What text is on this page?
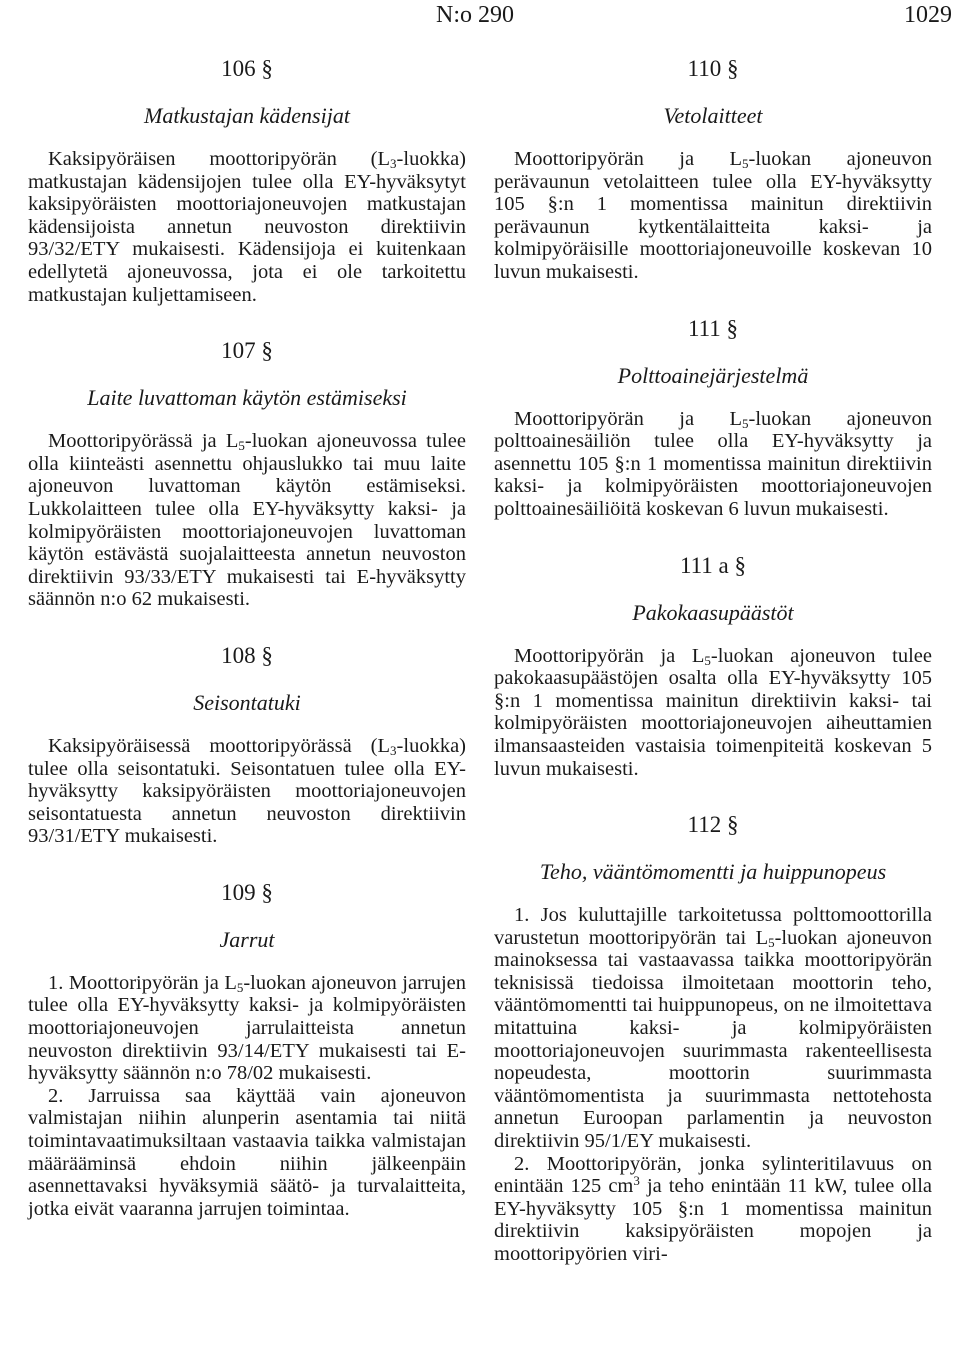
N:o 290	1029
106 §
Matkustajan kädensijat

Kaksipyöräisen moottoripyörän $(L_3-luokka)$ matkustajan kädensijojen tulee olla EY-hyväksytyt kaksipyöräisten moottoriajoneuvojen matkustajan kädensijoista annetun neuvoston direktiivin 93/32/ETY mukaisesti. Kädensijoja ei kuitenkaan edellytetä ajoneuvossa, jota ei ole tarkoitettu matkustajan kuljettamiseen.

107 §
Laite luvattoman käytön estämiseksi

Moottoripyörässä ja $L_5$-luokan ajoneuvossa tulee olla kiinteästi asennettu ohjauslukko tai muu laite ajoneuvon luvattoman käytön estämiseksi. Lukkolaitteen tulee olla EY-hyväksytty kaksi- ja kolmipyöräisten moottoriajoneuvojen luvattoman käytön estävästä suojalaitteesta annetun neuvoston direktiivin 93/33/ETY mukaisesti tai E-hyväksytty säännön n:o 62 mukaisesti.

108 §
Seisontatuki

Kaksipyöräisessä moottoripyörässä $(L_3-luokka)$ tulee olla seisontatuki. Seisontatuen tulee olla EY-hyväksytty kaksipyöräisten moottoriajoneuvojen seisontatuesta annetun neuvoston direktiivin 93/31/ETY mukaisesti.

109 §
Jarrut

1. Moottoripyörän ja $L_5$-luokan ajoneuvon jarrujen tulee olla EY-hyväksytty kaksi- ja kolmipyöräisten moottoriajoneuvojen jarrulaitteista annetun neuvoston direktiivin 93/14/ETY mukaisesti tai E-hyväksytty säännön n:o 78/02 mukaisesti.

2. Jarruissa saa käyttää vain ajoneuvon valmistajan niihin alunperin asentamia tai niitä toimintavaatimuksiltaan vastaavia taikka valmistajan määrääminsä ehdoin niihin jälkeenpäin asennettavaksi hyväksymiä säätö- ja turvalaitteita, jotka eivät vaaranna jarrujen toimintaa.

110 §
Vetolaitteet

Moottoripyörän ja $L_5$-luokan ajoneuvon perävaunun vetolaitteen tulee olla EY-hyväksytty 105 §:n 1 momentissa mainitun direktiivin perävaunun kytkentälaitteita kaksi- ja kolmipyöräisille moottoriajoneuvoille koskevan 10 luvun mukaisesti.

111 §
Polttoainejärjestelmä

Moottoripyörän ja $L_5$-luokan ajoneuvon polttoainesäiliön tulee olla EY-hyväksytty ja asennettu 105 §:n 1 momentissa mainitun direktiivin kaksi- ja kolmipyöräisten moottoriajoneuvojen polttoainesäiliöitä koskevan 6 luvun mukaisesti.

111 a §
Pakokaasupäästöt

Moottoripyörän ja $L_5$-luokan ajoneuvon tulee pakokaasupäästöjen osalta olla EY-hyväksytty 105 §:n 1 momentissa mainitun direktiivin kaksi- tai kolmipyöräisten moottoriajoneuvojen aiheuttamien ilmansaasteiden vastaisia toimenpiteitä koskevan 5 luvun mukaisesti.

112 §
Teho, vääntömomentti ja huippunopeus

1. Jos kuluttajille tarkoitetussa polttomoottorilla varustetun moottoripyörän tai $L_5$-luokan ajoneuvon mainoksessa tai vastaavassa taikka moottoripyörän teknisissä tiedoissa ilmoitetaan moottorin teho, vääntömomentti tai huippunopeus, on ne ilmoitettava mitattuina kaksi- ja kolmipyöräisten moottoriajoneuvojen suurimmasta rakenteellisesta nopeudesta, moottorin suurimmasta vääntömomentista ja suurimmasta nettotehosta annetun Euroopan parlamentin ja neuvoston direktiivin 95/1/EY mukaisesti.

2. Moottoripyörän, jonka sylinteritilavuus on enintään 125 $cm^3$ ja teho enintään 11 kW, tulee olla EY-hyväksytty 105 §:n 1 momentissa mainitun direktiivin kaksipyöräisten mopojen ja moottoripyörien viri-
